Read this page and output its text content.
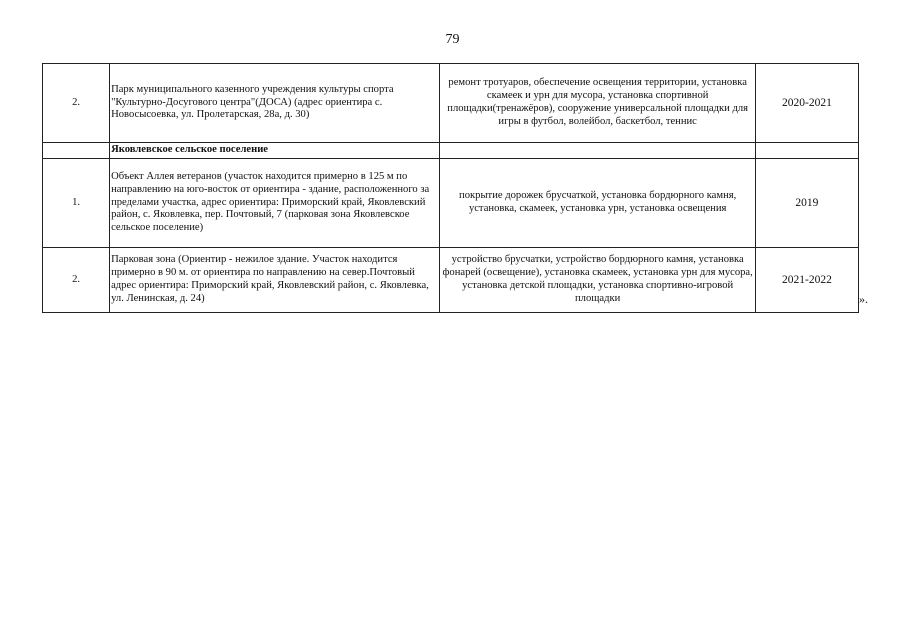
79
2.	Парк муниципального казенного учреждения культуры спорта "Культурно-Досугового центра"(ДОСА) (адрес ориентира с. Новосысоевка, ул. Пролетарская, 28а, д. 30)	ремонт тротуаров, обеспечение освещения территории, установка скамеек и урн для мусора, установка спортивной площадки(тренажёров), сооружение универсальной площадки для игры в футбол, волейбол, баскетбол, теннис	2020-2021
	Яковлевское сельское поселение		
1.	Объект Аллея ветеранов (участок находится примерно в 125 м по направлению на юго-восток от ориентира - здание, расположенного за пределами участка, адрес ориентира: Приморский край, Яковлевский район, с. Яковлевка, пер. Почтовый, 7 (парковая зона Яковлевское сельское поселение)	покрытие дорожек брусчаткой, установка бордюрного камня, установка, скамеек, установка урн, установка освещения	2019
2.	Парковая зона (Ориентир - нежилое здание. Участок находится примерно в 90 м. от ориентира по направлению на север.Почтовый адрес ориентира: Приморский край, Яковлевский район, с. Яковлевка, ул. Ленинская, д. 24)	устройство брусчатки, устройство бордюрного камня, установка фонарей (освещение), установка скамеек, установка урн для мусора, установка детской площадки, установка спортивно-игровой площадки	2021-2022
».
